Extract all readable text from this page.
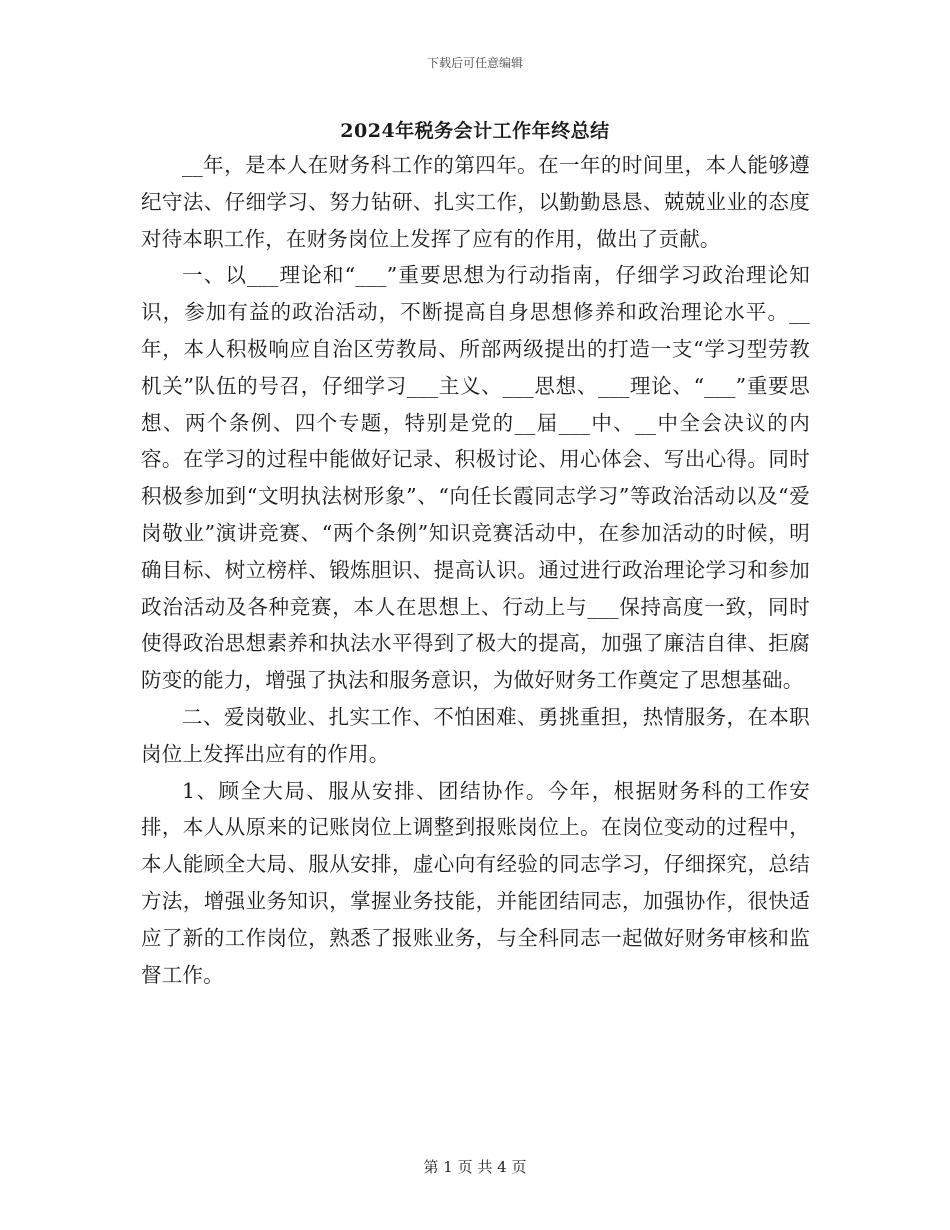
下载后可任意编辑
2024年税务会计工作年终总结

__年，是本人在财务科工作的第四年。在一年的时间里，本人能够遵纪守法、仔细学习、努力钻研、扎实工作，以勤勤恳恳、兢兢业业的态度对待本职工作，在财务岗位上发挥了应有的作用，做出了贡献。

一、以___理论和“___”重要思想为行动指南，仔细学习政治理论知识，参加有益的政治活动，不断提高自身思想修养和政治理论水平。__年，本人积极响应自治区劳教局、所部两级提出的打造一支“学习型劳教机关”队伍的号召，仔细学习___主义、___思想、___理论、“___”重要思想、两个条例、四个专题，特别是党的__届___中、__中全会决议的内容。在学习的过程中能做好记录、积极讨论、用心体会、写出心得。同时积极参加到“文明执法树形象”、“向任长霞同志学习”等政治活动以及“爱岗敬业”演讲竞赛、“两个条例”知识竞赛活动中，在参加活动的时候，明确目标、树立榜样、锻炼胆识、提高认识。通过进行政治理论学习和参加政治活动及各种竞赛，本人在思想上、行动上与___保持高度一致，同时使得政治思想素养和执法水平得到了极大的提高，加强了廉洁自律、拒腐防变的能力，增强了执法和服务意识，为做好财务工作奠定了思想基础。

二、爱岗敬业、扎实工作、不怕困难、勇挑重担，热情服务，在本职岗位上发挥出应有的作用。

1、顾全大局、服从安排、团结协作。今年，根据财务科的工作安排，本人从原来的记账岗位上调整到报账岗位上。在岗位变动的过程中，本人能顾全大局、服从安排，虚心向有经验的同志学习，仔细探究，总结方法，增强业务知识，掌握业务技能，并能团结同志，加强协作，很快适应了新的工作岗位，熟悉了报账业务，与全科同志一起做好财务审核和监督工作。

第 1 页 共 4 页
